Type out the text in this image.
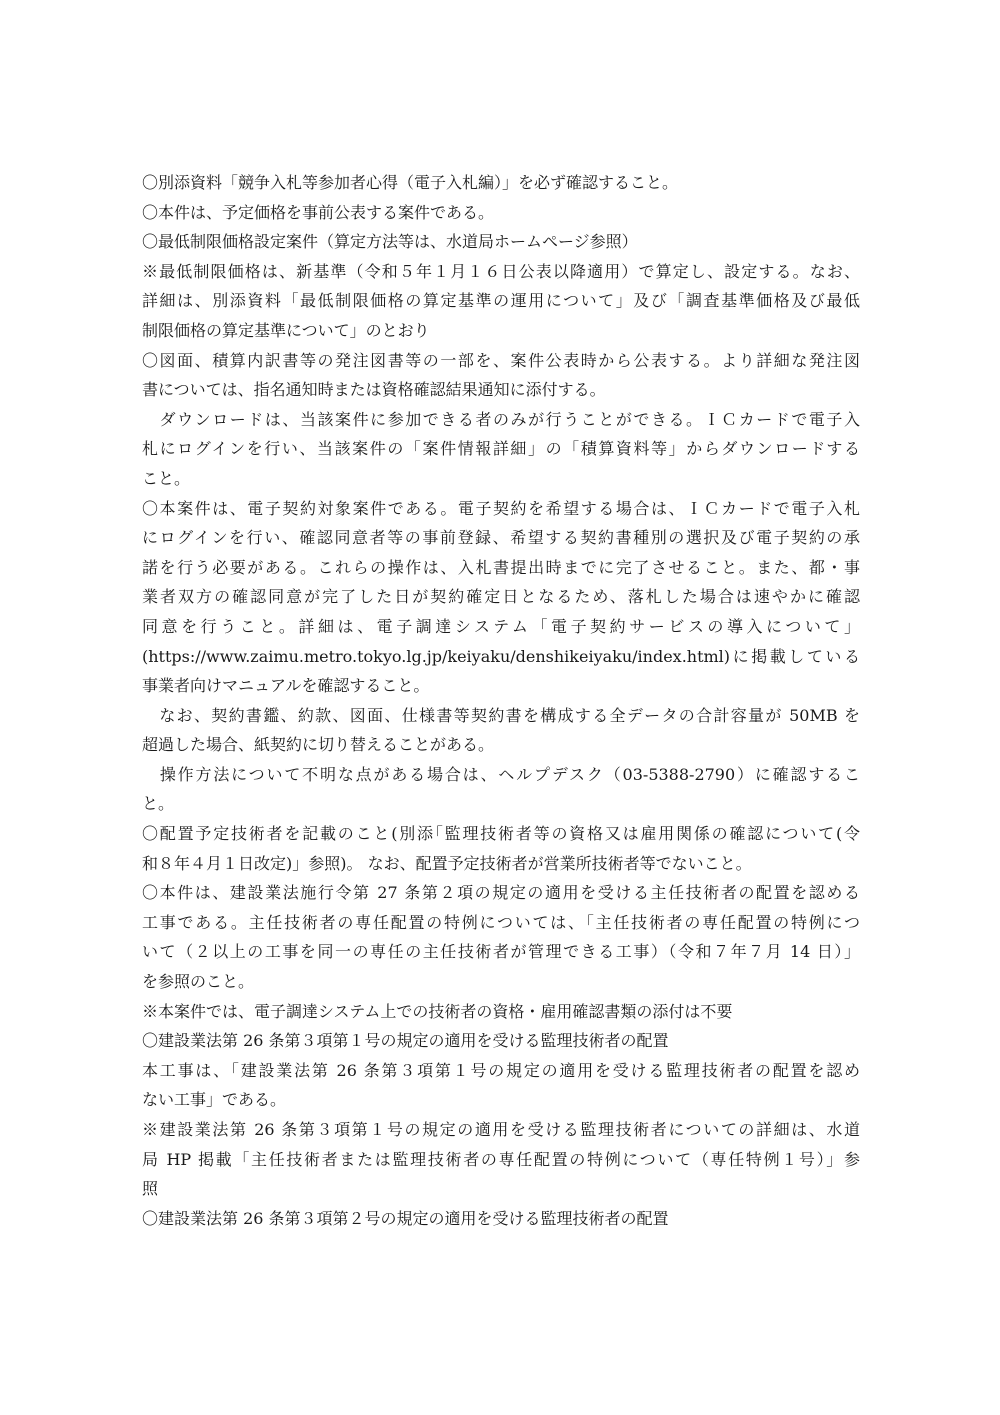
〇別添資料「競争入札等参加者心得（電子入札編）」を必ず確認すること。
〇本件は、予定価格を事前公表する案件である。
〇最低制限価格設定案件（算定方法等は、水道局ホームページ参照）
※最低制限価格は、新基準（令和５年１月１６日公表以降適用）で算定し、設定する。なお、
詳細は、別添資料「最低制限価格の算定基準の運用について」及び「調査基準価格及び最低
制限価格の算定基準について」のとおり
〇図面、積算内訳書等の発注図書等の一部を、案件公表時から公表する。より詳細な発注図
書については、指名通知時または資格確認結果通知に添付する。
　ダウンロードは、当該案件に参加できる者のみが行うことができる。ＩＣカードで電子入
札にログインを行い、当該案件の「案件情報詳細」の「積算資料等」からダウンロードする
こと。
〇本案件は、電子契約対象案件である。電子契約を希望する場合は、ＩＣカードで電子入札
にログインを行い、確認同意者等の事前登録、希望する契約書種別の選択及び電子契約の承
諾を行う必要がある。これらの操作は、入札書提出時までに完了させること。また、都・事
業者双方の確認同意が完了した日が契約確定日となるため、落札した場合は速やかに確認
同意を行うこと。詳細は、電子調達システム「電子契約サービスの導入について」
(https://www.zaimu.metro.tokyo.lg.jp/keiyaku/denshikeiyaku/index.html)に掲載している
事業者向けマニュアルを確認すること。
　なお、契約書鑑、約款、図面、仕様書等契約書を構成する全データの合計容量が 50MB を
超過した場合、紙契約に切り替えることがある。
　操作方法について不明な点がある場合は、ヘルプデスク（03-5388-2790）に確認するこ
と。
〇配置予定技術者を記載のこと(別添｢監理技術者等の資格又は雇用関係の確認について(令
和８年４月１日改定)」参照)。 なお、配置予定技術者が営業所技術者等でないこと。
〇本件は、建設業法施行令第 27 条第２項の規定の適用を受ける主任技術者の配置を認める
工事である。主任技術者の専任配置の特例については、「主任技術者の専任配置の特例につ
いて（２以上の工事を同一の専任の主任技術者が管理できる工事）（令和７年７月 14 日）」
を参照のこと。
※本案件では、電子調達システム上での技術者の資格・雇用確認書類の添付は不要
〇建設業法第 26 条第３項第１号の規定の適用を受ける監理技術者の配置
本工事は、「建設業法第 26 条第３項第１号の規定の適用を受ける監理技術者の配置を認め
ない工事」である。
※建設業法第 26 条第３項第１号の規定の適用を受ける監理技術者についての詳細は、水道
局 HP 掲載「主任技術者または監理技術者の専任配置の特例について（専任特例１号）」参
照
〇建設業法第 26 条第３項第２号の規定の適用を受ける監理技術者の配置
